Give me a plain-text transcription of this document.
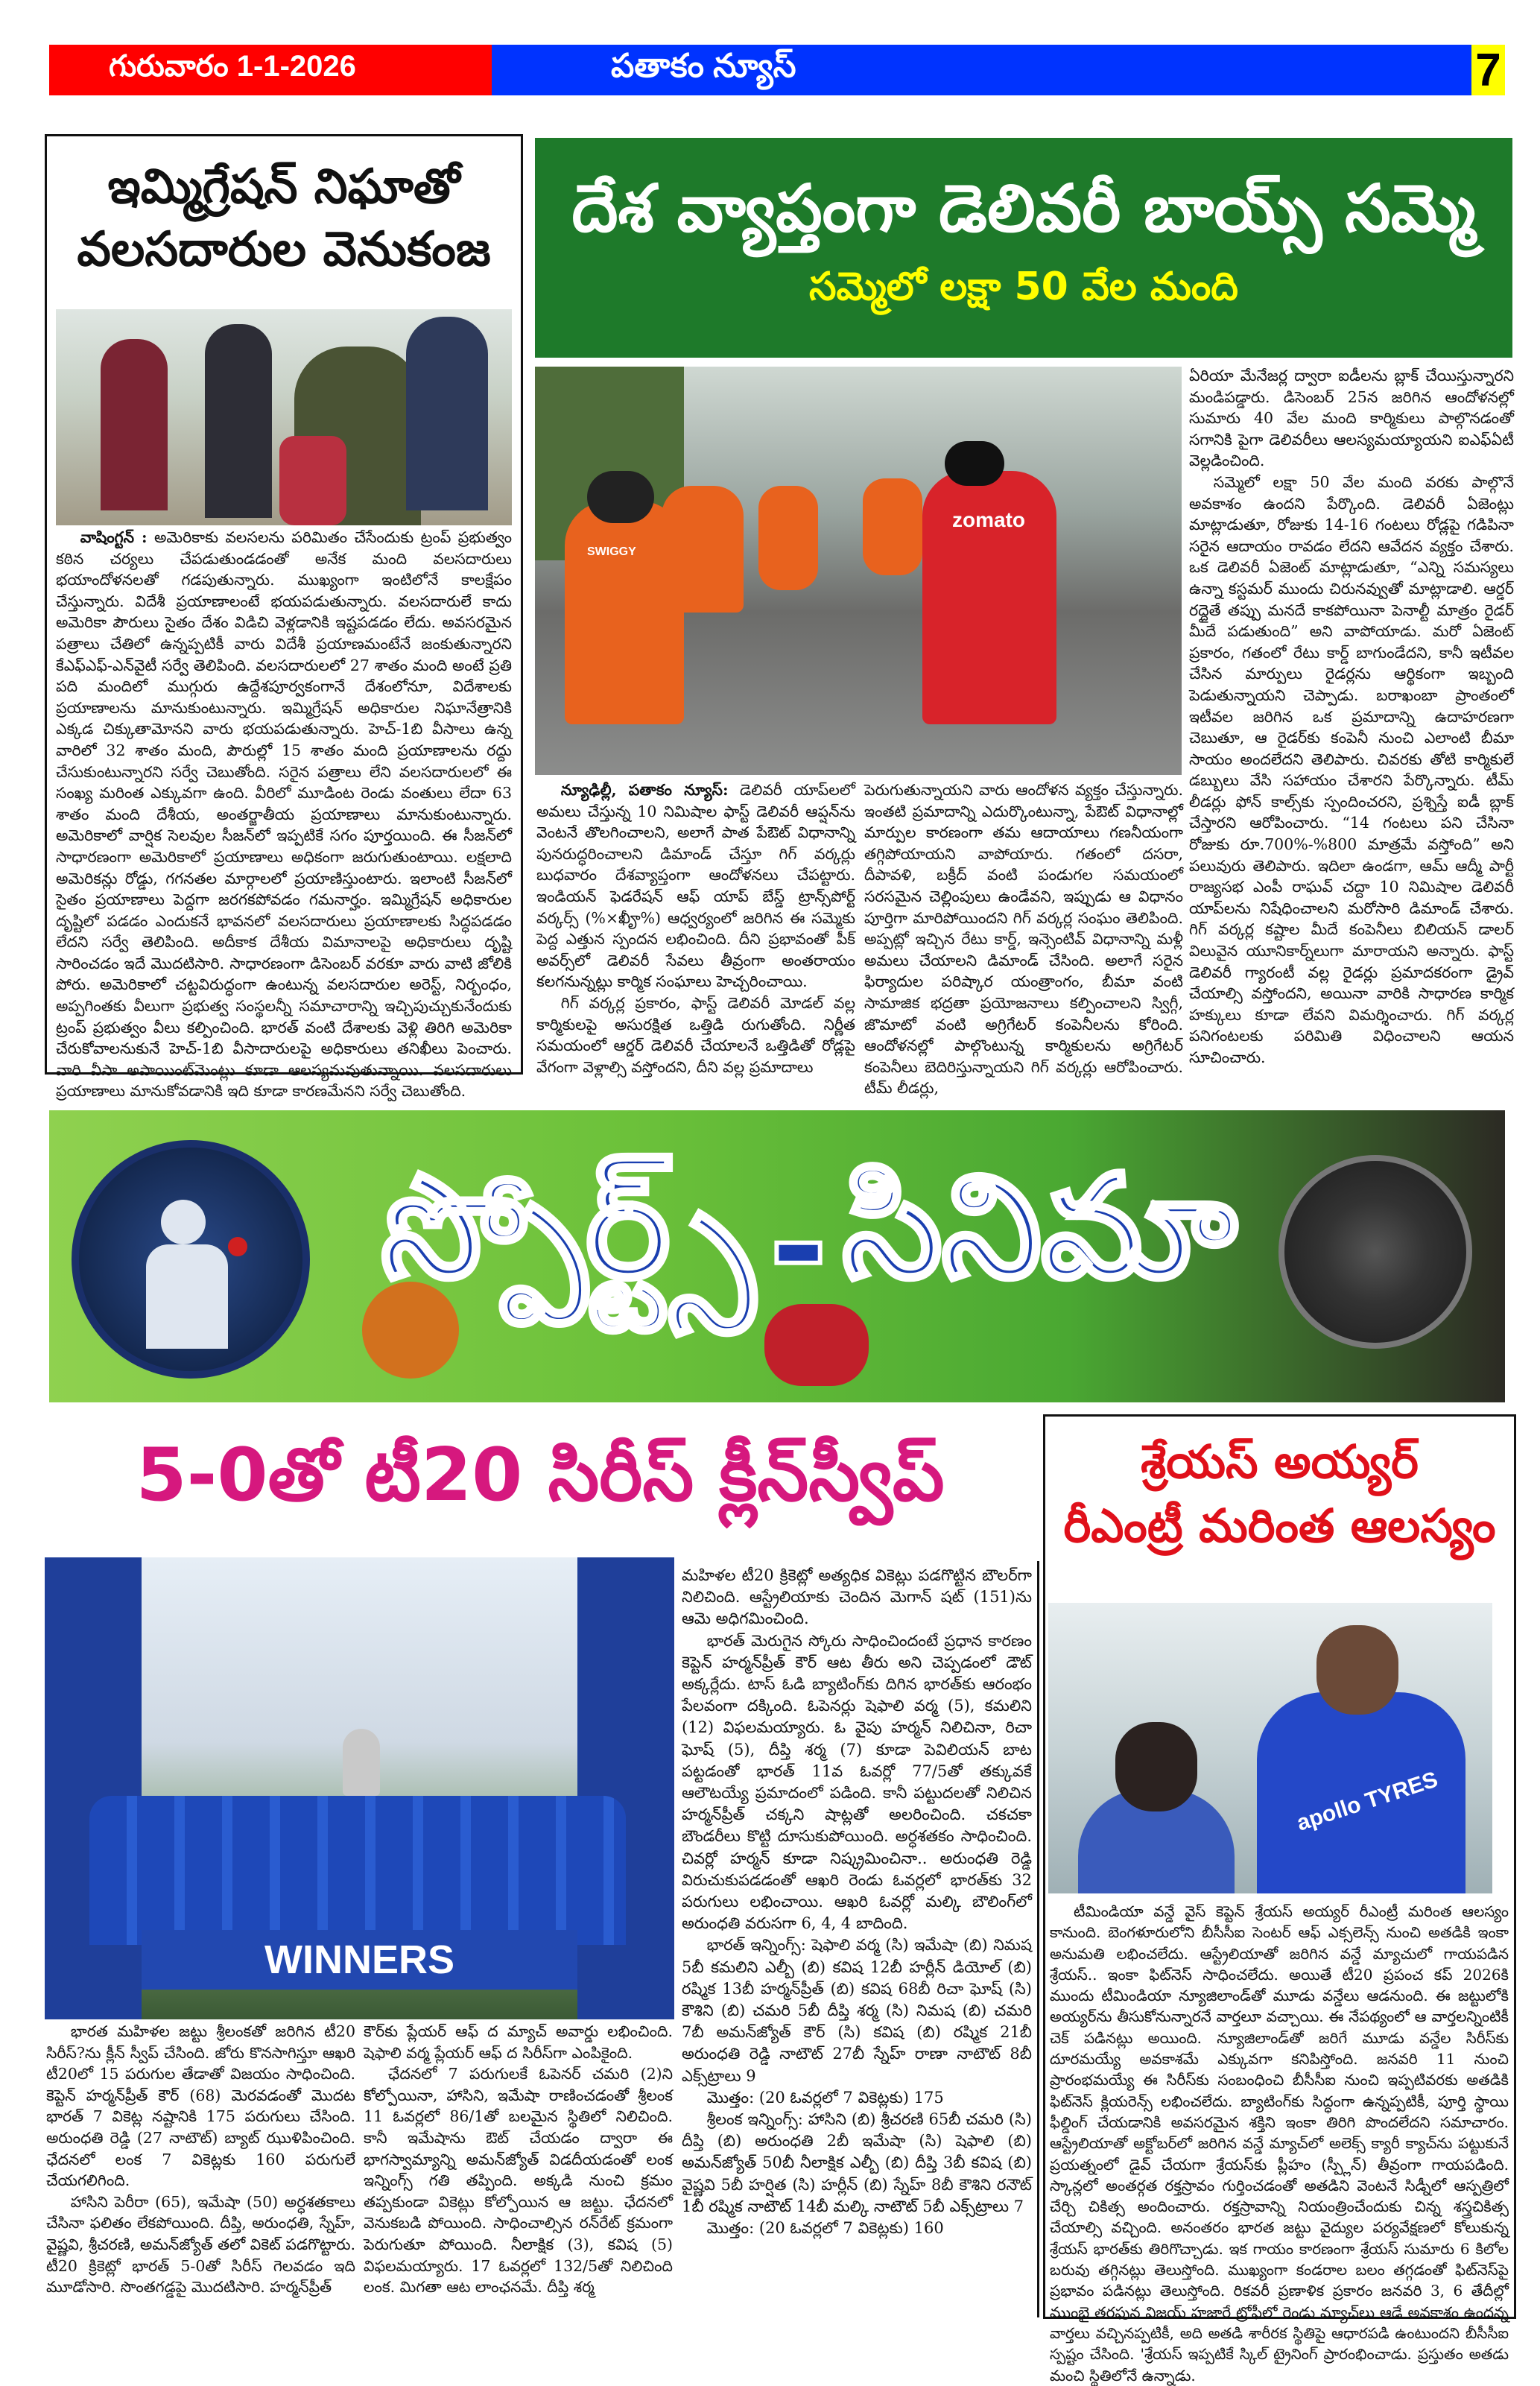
గురువారం 1-1-2026	పతాకం న్యూస్	7
ఇమ్మిగ్రేషన్ నిఘాతో
వలసదారుల వెనుకంజ

వాషింగ్టన్ : అమెరికాకు వలసలను పరిమితం చేసేందుకు ట్రంప్ ప్రభుత్వం కఠిన చర్యలు చేపడుతుండడంతో అనేక మంది వలసదారులు భయాందోళనలతో గడపుతున్నారు. ముఖ్యంగా ఇంటిలోనే కాలక్షేపం చేస్తున్నారు. విదేశీ ప్రయాణాలంటే భయపడుతున్నారు. వలసదారులే కాదు అమెరికా పౌరులు సైతం దేశం విడిచి వెళ్లడానికి ఇష్టపడడం లేదు. అవసరమైన పత్రాలు చేతిలో ఉన్నప్పటికీ వారు విదేశీ ప్రయాణమంటేనే జంకుతున్నారని కేఎఫ్ఎఫ్-ఎన్‌వైటీ సర్వే తెలిపింది. వలసదారులలో 27 శాతం మంది అంటే ప్రతి పది మందిలో ముగ్గురు ఉద్దేశపూర్వకంగానే దేశంలోనూ, విదేశాలకు ప్రయాణాలను మానుకుంటున్నారు. ఇమ్మిగ్రేషన్ అధికారుల నిఘానేత్రానికి ఎక్కడ చిక్కుతామోనని వారు భయపడుతున్నారు. హెచ్-1బి వీసాలు ఉన్న వారిలో 32 శాతం మంది, పౌరుల్లో 15 శాతం మంది ప్రయాణాలను రద్దు చేసుకుంటున్నారని సర్వే చెబుతోంది. సరైన పత్రాలు లేని వలసదారులలో ఈ సంఖ్య మరింత ఎక్కువగా ఉంది. వీరిలో మూడింట రెండు వంతులు లేదా 63 శాతం మంది దేశీయ, అంతర్జాతీయ ప్రయాణాలు మానుకుంటున్నారు. అమెరికాలో వార్షిక సెలవుల సీజన్‌లో ఇప్పటికే సగం పూర్తయింది. ఈ సీజన్‌లో సాధారణంగా అమెరికాలో ప్రయాణాలు అధికంగా జరుగుతుంటాయి. లక్షలాది అమెరికన్లు రోడ్డు, గగనతల మార్గాలలో ప్రయాణిస్తుంటారు. ఇలాంటి సీజన్‌లో సైతం ప్రయాణాలు పెద్దగా జరగకపోవడం గమనార్హం. ఇమ్మిగ్రేషన్ అధికారుల దృష్టిలో పడడం ఎందుకనే భావనలో వలసదారులు ప్రయాణాలకు సిద్ధపడడం లేదని సర్వే తెలిపింది. అదీకాక దేశీయ విమానాలపై అధికారులు దృష్టి సారించడం ఇదే మొదటిసారి. సాధారణంగా డిసెంబర్ వరకూ వారు వాటి జోలికి పోరు. అమెరికాలో చట్టవిరుద్ధంగా ఉంటున్న వలసదారుల అరెస్ట్, నిర్బంధం, అప్పగింతకు వీలుగా ప్రభుత్వ సంస్థలన్నీ సమాచారాన్ని ఇచ్చిపుచ్చుకునేందుకు ట్రంప్ ప్రభుత్వం వీలు కల్పించింది. భారత్ వంటి దేశాలకు వెళ్లి తిరిగి అమెరికా చేరుకోవాలనుకునే హెచ్-1బి వీసాదారులపై అధికారులు తనిఖీలు పెంచారు. వారి వీసా అపాయింట్‌మెంట్లు కూడా ఆలస్యమవుతున్నాయి. వలసదారులు ప్రయాణాలు మానుకోవడానికి ఇది కూడా కారణమేనని సర్వే చెబుతోంది.

దేశ వ్యాప్తంగా డెలివరీ బాయ్స్ సమ్మె
సమ్మెలో లక్షా 50 వేల మంది
zomato
SWIGGY

న్యూఢిల్లీ, పతాకం న్యూస్: డెలివరీ యాప్‌లలో అమలు చేస్తున్న 10 నిమిషాల ఫాస్ట్ డెలివరీ ఆప్షన్‌ను వెంటనే తొలగించాలని, అలాగే పాత పేఔట్ విధానాన్ని పునరుద్ధరించాలని డిమాండ్ చేస్తూ గిగ్ వర్కర్లు బుధవారం దేశవ్యాప్తంగా ఆందోళనలు చేపట్టారు. ఇండియన్ ఫెడరేషన్ ఆఫ్ యాప్ బేస్డ్ ట్రాన్స్‌పోర్ట్ వర్కర్స్ (%×ఖీౄ%) ఆధ్వర్యంలో జరిగిన ఈ సమ్మెకు పెద్ద ఎత్తున స్పందన లభించింది. దీని ప్రభావంతో పీక్ అవర్స్‌లో డెలివరీ సేవలు తీవ్రంగా అంతరాయం కలగనున్నట్లు కార్మిక సంఘాలు హెచ్చరించాయి.

గిగ్ వర్కర్ల ప్రకారం, ఫాస్ట్ డెలివరీ మోడల్ వల్ల కార్మికులపై అసురక్షిత ఒత్తిడి రుగుతోంది. నిర్ణీత సమయంలో ఆర్డర్ డెలివరీ చేయాలనే ఒత్తిడితో రోడ్లపై వేగంగా వెళ్లాల్సి వస్తోందని, దీని వల్ల ప్రమాదాలు

పెరుగుతున్నాయని వారు ఆందోళన వ్యక్తం చేస్తున్నారు. ఇంతటి ప్రమాదాన్ని ఎదుర్కొంటున్నా, పేఔట్ విధానాల్లో మార్పుల కారణంగా తమ ఆదాయాలు గణనీయంగా తగ్గిపోయాయని వాపోయారు. గతంలో దసరా, దీపావళి, బక్రీద్ వంటి పండుగల సమయంలో సరసమైన చెల్లింపులు ఉండేవని, ఇప్పుడు ఆ విధానం పూర్తిగా మారిపోయిందని గిగ్ వర్కర్ల సంఘం తెలిపింది. అప్పట్లో ఇచ్చిన రేటు కార్డ్, ఇన్సెంటివ్ విధానాన్ని మళ్లీ అమలు చేయాలని డిమాండ్ చేసింది. అలాగే సరైన ఫిర్యాదుల పరిష్కార యంత్రాంగం, బీమా వంటి సామాజిక భద్రతా ప్రయోజనాలు కల్పించాలని స్విగ్గీ, జొమాటో వంటి అగ్రిగేటర్ కంపెనీలను కోరింది. ఆందోళనల్లో పాల్గొంటున్న కార్మికులను అగ్రిగేటర్ కంపెనీలు బెదిరిస్తున్నాయని గిగ్ వర్కర్లు ఆరోపించారు. టీమ్ లీడర్లు,

ఏరియా మేనేజర్ల ద్వారా ఐడీలను బ్లాక్ చేయిస్తున్నారని మండిపడ్డారు. డిసెంబర్ 25న జరిగిన ఆందోళనల్లో సుమారు 40 వేల మంది కార్మికులు పాల్గొనడంతో సగానికి పైగా డెలివరీలు ఆలస్యమయ్యాయని ఐఎఫ్ఏటీ వెల్లడించింది.

సమ్మెలో లక్షా 50 వేల మంది వరకు పాల్గొనే అవకాశం ఉందని పేర్కొంది. డెలివరీ ఏజెంట్లు మాట్లాడుతూ, రోజుకు 14-16 గంటలు రోడ్లపై గడిపినా సరైన ఆదాయం రావడం లేదని ఆవేదన వ్యక్తం చేశారు. ఒక డెలివరీ ఏజెంట్ మాట్లాడుతూ, “ఎన్ని సమస్యలు ఉన్నా కస్టమర్ ముందు చిరునవ్వుతో మాట్లాడాలి. ఆర్డర్ రద్దైతే తప్పు మనదే కాకపోయినా పెనాల్టీ మాత్రం రైడర్ మీదే పడుతుంది” అని వాపోయాడు. మరో ఏజెంట్ ప్రకారం, గతంలో రేటు కార్డ్ బాగుండేదని, కానీ ఇటీవల చేసిన మార్పులు రైడర్లను ఆర్థికంగా ఇబ్బంది పెడుతున్నాయని చెప్పాడు. బరాఖంబా ప్రాంతంలో ఇటీవల జరిగిన ఒక ప్రమాదాన్ని ఉదాహరణగా చెబుతూ, ఆ రైడర్‌కు కంపెనీ నుంచి ఎలాంటి బీమా సాయం అందలేదని తెలిపారు. చివరకు తోటి కార్మికులే డబ్బులు వేసి సహాయం చేశారని పేర్కొన్నారు. టీమ్ లీడర్లు ఫోన్ కాల్స్‌కు స్పందించరని, ప్రశ్నిస్తే ఐడీ బ్లాక్ చేస్తారని ఆరోపించారు. “14 గంటలు పని చేసినా రోజుకు రూ.700%-%800 మాత్రమే వస్తోంది” అని పలువురు తెలిపారు. ఇదిలా ఉండగా, ఆమ్ ఆద్మీ పార్టీ రాజ్యసభ ఎంపీ రాఘవ్ చద్దా 10 నిమిషాల డెలివరీ యాప్‌లను నిషేధించాలని మరోసారి డిమాండ్ చేశారు. గిగ్ వర్కర్ల కష్టాల మీదే కంపెనీలు బిలియన్ డాలర్ విలువైన యూనికార్న్‌లుగా మారాయని అన్నారు. ఫాస్ట్ డెలివరీ గ్యారంటీ వల్ల రైడర్లు ప్రమాదకరంగా డ్రైవ్ చేయాల్సి వస్తోందని, అయినా వారికి సాధారణ కార్మిక హక్కులు కూడా లేవని విమర్శించారు. గిగ్ వర్కర్ల పనిగంటలకు పరిమితి విధించాలని ఆయన సూచించారు.

స్పోర్ట్స్ - సినిమా
5-0తో టీ20 సిరీస్ క్లీన్‌స్వీప్
WINNERS

భారత మహిళల జట్టు శ్రీలంకతో జరిగిన టీ20 సిరీస్?ను క్లీన్ స్వీప్ చేసింది. జోరు కొనసాగిస్తూ ఆఖరి టీ20లో 15 పరుగుల తేడాతో విజయం సాధించింది. కెప్టెన్ హర్మన్‌ప్రీత్ కౌర్ (68) మెరవడంతో మొదట భారత్ 7 వికెట్ల నష్టానికి 175 పరుగులు చేసింది. అరుంధతి రెడ్డి (27 నాటౌట్) బ్యాట్ ఝుళిపించింది. ఛేదనలో లంక 7 వికెట్లకు 160 పరుగులే చేయగలిగింది.

హాసిని పెరీరా (65), ఇమేషా (50) అర్ధశతకాలు చేసినా ఫలితం లేకపోయింది. దీప్తి, అరుంధతి, స్నేహ్, వైష్ణవి, శ్రీచరణి, అమన్‌జ్యోత్ తలో వికెట్ పడగొట్టారు. టీ20 క్రికెట్లో భారత్ 5-0తో సిరీస్ గెలవడం ఇది మూడోసారి. సొంతగడ్డపై మొదటిసారి. హర్మన్‌ప్రీత్

కౌర్‌కు ప్లేయర్ ఆఫ్ ద మ్యాచ్ అవార్డు లభించింది. షెఫాలి వర్మ ప్లేయర్ ఆఫ్ ద సిరీస్‌గా ఎంపికైంది.

ఛేదనలో 7 పరుగులకే ఓపెనర్ చమరి (2)ని కోల్పోయినా, హాసిని, ఇమేషా రాణించడంతో శ్రీలంక 11 ఓవర్లలో 86/1తో బలమైన స్థితిలో నిలిచింది. కానీ ఇమేషాను ఔట్ చేయడం ద్వారా ఈ భాగస్వామ్యాన్ని అమన్‌జ్యోత్ విడదీయడంతో లంక ఇన్నింగ్స్ గతి తప్పింది. అక్కడి నుంచి క్రమం తప్పకుండా వికెట్లు కోల్పోయిన ఆ జట్టు. ఛేదనలో వెనుకబడి పోయింది. సాధించాల్సిన రన్‌రేట్ క్రమంగా పెరుగుతూ పోయింది. నీలాక్షిక (3), కవిష (5) విఫలమయ్యారు. 17 ఓవర్లలో 132/5తో నిలిచింది లంక. మిగతా ఆట లాంఛనమే. దీప్తి శర్మ

మహిళల టీ20 క్రికెట్లో అత్యధిక వికెట్లు పడగొట్టిన బౌలర్‌గా నిలిచింది. ఆస్ట్రేలియాకు చెందిన మెగాన్ షట్ (151)ను ఆమె అధిగమించింది.

భారత్ మెరుగైన స్కోరు సాధించిందంటే ప్రధాన కారణం కెప్టెన్ హర్మన్‌ప్రీత్ కౌర్ ఆట తీరు అని చెప్పడంలో డౌట్ అక్కర్లేదు. టాస్ ఓడి బ్యాటింగ్‌కు దిగిన భారత్‌కు ఆరంభం పేలవంగా దక్కింది. ఓపెనర్లు షెఫాలి వర్మ (5), కమలిని (12) విఫలమయ్యారు. ఓ వైపు హర్మన్ నిలిచినా, రిచా ఘోష్ (5), దీప్తి శర్మ (7) కూడా పెవిలియన్ బాట పట్టడంతో భారత్ 11వ ఓవర్లో 77/5తో తక్కువకే ఆలౌటయ్యే ప్రమాదంలో పడింది. కానీ పట్టుదలతో నిలిచిన హర్మన్‌ప్రీత్ చక్కని షాట్లతో అలరించింది. చకచకా బౌండరీలు కొట్టి దూసుకుపోయింది. అర్ధశతకం సాధించింది. చివర్లో హర్మన్ కూడా నిష్క్రమించినా.. అరుంధతి రెడ్డి విరుచుకుపడడంతో ఆఖరి రెండు ఓవర్లలో భారత్‌కు 32 పరుగులు లభించాయి. ఆఖరి ఓవర్లో మల్కి బౌలింగ్‌లో అరుంధతి వరుసగా 6, 4, 4 బాదింది.

భారత్ ఇన్నింగ్స్: షెఫాలి వర్మ (సి) ఇమేషా (బి) నిమష 5బీ కమలిని ఎల్బీ (బి) కవిష 12బీ హర్లీన్ డియోల్ (బి) రష్మిక 13బీ హర్మన్‌ప్రీత్ (బి) కవిష 68బీ రిచా ఘోష్ (సి) కౌశిని (బి) చమరి 5బీ దీప్తి శర్మ (సి) నిమష (బి) చమరి 7బీ అమన్‌జ్యోత్ కౌర్ (సి) కవిష (బి) రష్మిక 21బీ అరుంధతి రెడ్డి నాటౌట్ 27బీ స్నేహ్ రాణా నాటౌట్ 8బీ ఎక్స్‌ట్రాలు 9

మొత్తం: (20 ఓవర్లలో 7 వికెట్లకు) 175

శ్రీలంక ఇన్నింగ్స్: హాసిని (బి) శ్రీచరణి 65బీ చమరి (సి) దీప్తి (బి) అరుంధతి 2బీ ఇమేషా (సి) షెఫాలి (బి) అమన్‌జ్యోత్ 50బీ నీలాక్షిక ఎల్బీ (బి) దీప్తి 3బీ కవిష (బి) వైష్ణవి 5బీ హర్షిత (సి) హర్లీన్ (బి) స్నేహ్ 8బీ కౌశిని రనౌట్ 1బీ రష్మిక నాటౌట్ 14బీ మల్కి నాటౌట్ 5బీ ఎక్స్‌ట్రాలు 7

మొత్తం: (20 ఓవర్లలో 7 వికెట్లకు) 160

శ్రేయస్ అయ్యర్
రీఎంట్రీ మరింత ఆలస్యం
apollo TYRES

టీమిండియా వన్డే వైస్ కెప్టెన్ శ్రేయస్ అయ్యర్ రీఎంట్రీ మరింత ఆలస్యం కానుంది. బెంగళూరులోని బీసీసీఐ సెంటర్ ఆఫ్ ఎక్సలెన్స్ నుంచి అతడికి ఇంకా అనుమతి లభించలేదు. ఆస్ట్రేలియాతో జరిగిన వన్డే మ్యాచులో గాయపడిన శ్రేయస్.. ఇంకా ఫిట్‌నెస్ సాధించలేదు. అయితే టీ20 ప్రపంచ కప్ 2026కి ముందు టీమిండియా న్యూజిలాండ్‌తో మూడు వన్డేలు ఆడనుంది. ఈ జట్టులోకి అయ్యర్‌ను తీసుకోనున్నారనే వార్తలూ వచ్చాయి. ఈ నేపథ్యంలో ఆ వార్తలన్నింటికీ చెక్ పడినట్లు అయింది. న్యూజిలాండ్‌తో జరిగే మూడు వన్డేల సిరీస్‌కు దూరమయ్యే అవకాశమే ఎక్కువగా కనిపిస్తోంది. జనవరి 11 నుంచి ప్రారంభమయ్యే ఈ సిరీస్‌కు సంబంధించి బీసీసీఐ నుంచి ఇప్పటివరకు అతడికి ఫిట్‌నెస్ క్లియరెన్స్ లభించలేదు. బ్యాటింగ్‌కు సిద్ధంగా ఉన్నప్పటికీ, పూర్తి స్థాయి ఫీల్డింగ్ చేయడానికి అవసరమైన శక్తిని ఇంకా తిరిగి పొందలేదని సమాచారం. ఆస్ట్రేలియాతో అక్టోబర్‌లో జరిగిన వన్డే మ్యాచ్‌లో అలెక్స్ క్యారీ క్యాచ్‌ను పట్టుకునే ప్రయత్నంలో డైవ్ చేయగా శ్రేయస్‌కు ప్లీహం (స్ప్లీన్) తీవ్రంగా గాయపడింది. స్కాన్లలో అంతర్గత రక్తస్రావం గుర్తించడంతో అతడిని వెంటనే సిడ్నీలో ఆస్పత్రిలో చేర్చి చికిత్స అందించారు. రక్తస్రావాన్ని నియంత్రించేందుకు చిన్న శస్త్రచికిత్స చేయాల్సి వచ్చింది. అనంతరం భారత జట్టు వైద్యుల పర్యవేక్షణలో కోలుకున్న శ్రేయస్ భారత్‌కు తిరిగొచ్చాడు. ఇక గాయం కారణంగా శ్రేయస్ సుమారు 6 కిలోల బరువు తగ్గినట్లు తెలుస్తోంది. ముఖ్యంగా కండరాల బలం తగ్గడంతో ఫిట్‌నెస్‌పై ప్రభావం పడినట్లు తెలుస్తోంది. రికవరీ ప్రణాళిక ప్రకారం జనవరి 3, 6 తేదీల్లో ముంబై తరఫున విజయ్ హజారే ట్రోఫీలో రెండు మ్యాచ్‌లు ఆడే అవకాశం ఉందన్న వార్తలు వచ్చినప్పటికీ, అది అతడి శారీరక స్థితిపై ఆధారపడి ఉంటుందని బీసీసీఐ స్పష్టం చేసింది. 'శ్రేయస్ ఇప్పటికే స్కిల్ ట్రైనింగ్ ప్రారంభించాడు. ప్రస్తుతం అతడు మంచి స్థితిలోనే ఉన్నాడు.
